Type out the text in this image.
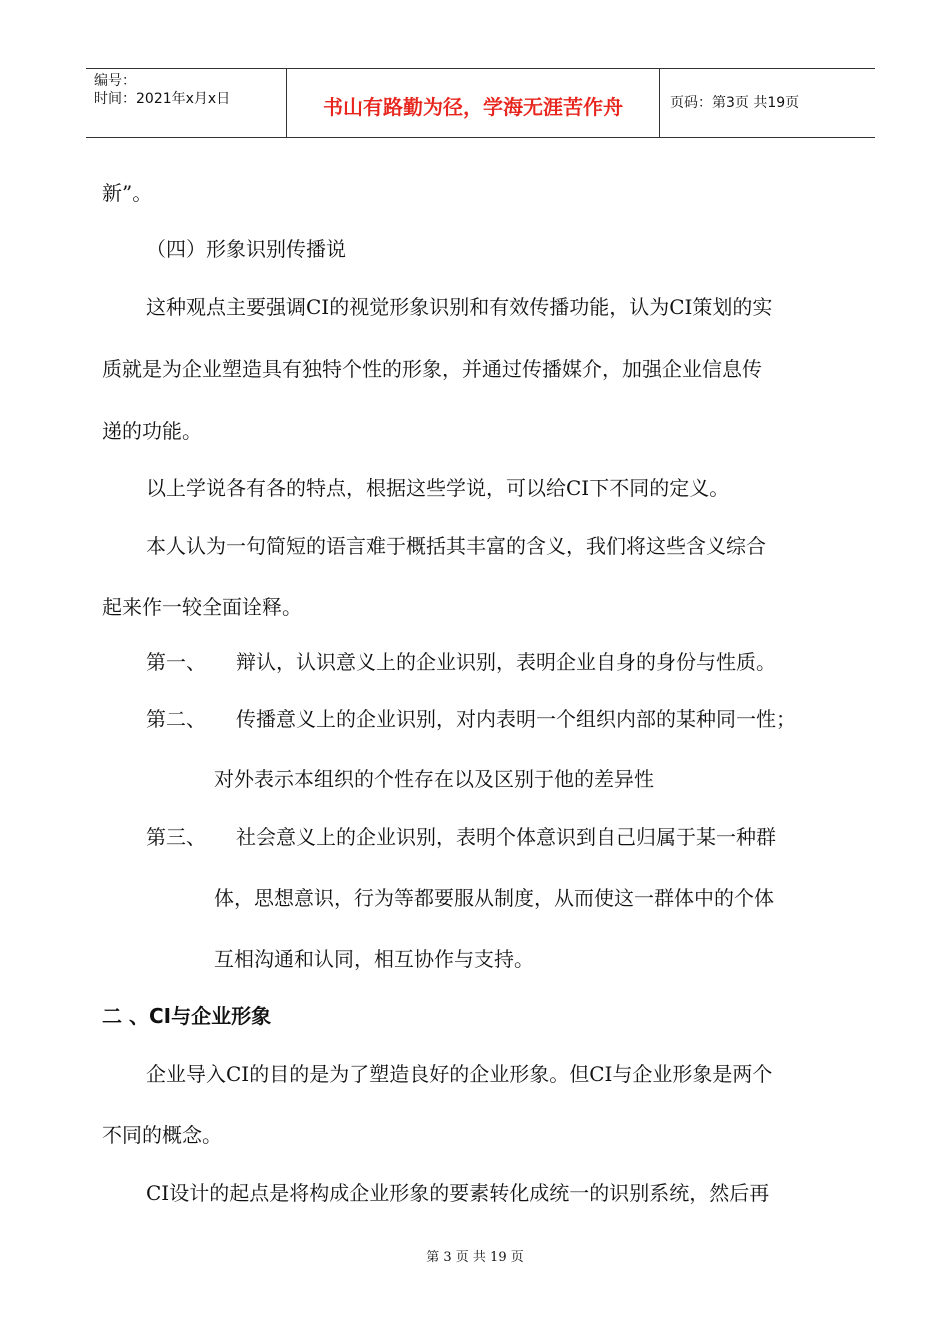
编号：
时间：2021年x月x日	书山有路勤为径，学海无涯苦作舟	页码：第3页 共19页
新”。
（四）形象识别传播说
这种观点主要强调CI的视觉形象识别和有效传播功能，认为CI策划的实
质就是为企业塑造具有独特个性的形象，并通过传播媒介，加强企业信息传
递的功能。
以上学说各有各的特点，根据这些学说，可以给CI下不同的定义。
本人认为一句简短的语言难于概括其丰富的含义，我们将这些含义综合
起来作一较全面诠释。
第一、 辩认，认识意义上的企业识别，表明企业自身的身份与性质。
第二、 传播意义上的企业识别，对内表明一个组织内部的某种同一性；
对外表示本组织的个性存在以及区别于他的差异性
第三、 社会意义上的企业识别，表明个体意识到自己归属于某一种群
体，思想意识，行为等都要服从制度，从而使这一群体中的个体
互相沟通和认同，相互协作与支持。
二 、CI与企业形象
企业导入CI的目的是为了塑造良好的企业形象。但CI与企业形象是两个
不同的概念。
CI设计的起点是将构成企业形象的要素转化成统一的识别系统，然后再
第 3 页 共 19 页
